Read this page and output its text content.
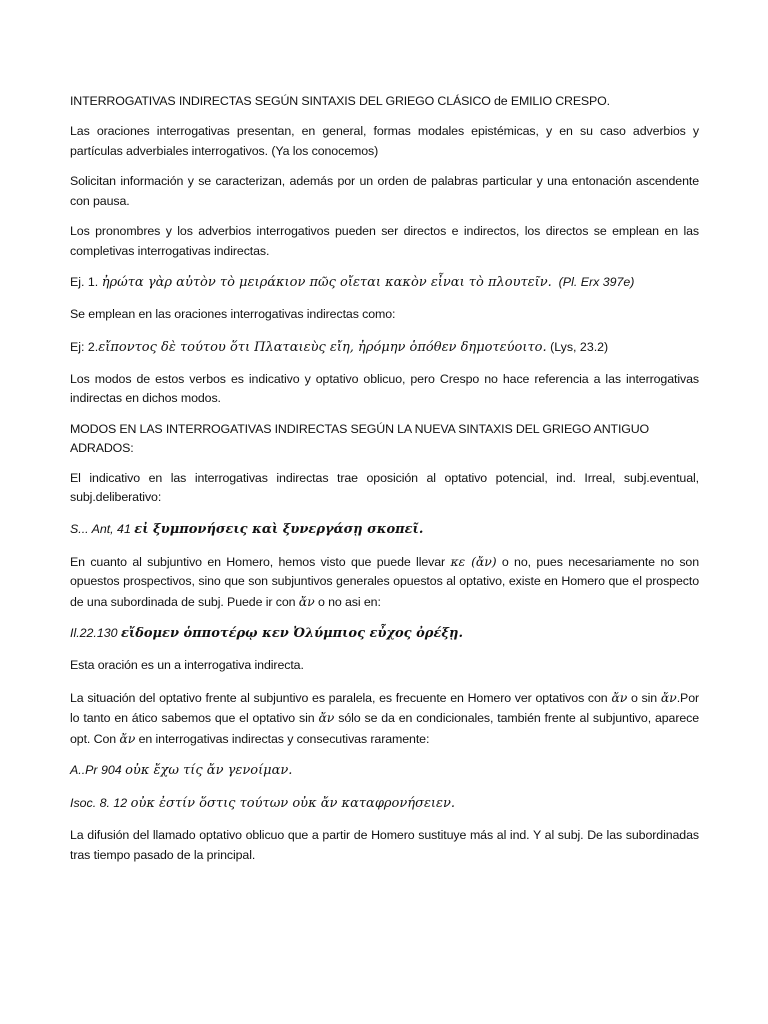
INTERROGATIVAS INDIRECTAS SEGÚN SINTAXIS DEL GRIEGO CLÁSICO de EMILIO CRESPO.

Las oraciones interrogativas presentan, en general, formas modales epistémicas, y en su caso adverbios y partículas adverbiales interrogativos. (Ya los conocemos)

Solicitan información y se caracterizan, además por un orden de palabras particular y una entonación ascendente con pausa.

Los pronombres y los adverbios interrogativos pueden ser directos e indirectos, los directos se emplean en las completivas interrogativas indirectas.

Ej. 1. ἠρώτα γὰρ αὐτὸν τὸ μειράκιον πῶς οἴεται κακὸν εἶναι τὸ πλουτεῖν. (Pl. Erx 397e)

Se emplean en las oraciones interrogativas indirectas como:

Ej: 2.εἴποντος δὲ τούτου ὅτι Πλαταιεὺς εἴη, ἠρόμην ὁπόθεν δημοτεύοιτο. (Lys, 23.2)

Los modos de estos verbos es indicativo y optativo oblicuo, pero Crespo no hace referencia a las interrogativas indirectas en dichos modos.

MODOS EN LAS INTERROGATIVAS INDIRECTAS SEGÚN LA NUEVA SINTAXIS DEL GRIEGO ANTIGUO ADRADOS:

El indicativo en las interrogativas indirectas trae oposición al optativo potencial, ind. Irreal, subj.eventual, subj.deliberativo:

S... Ant, 41 εἰ ξυμπονήσεις καὶ ξυνεργάσῃ σκοπεῖ.

En cuanto al subjuntivo en Homero, hemos visto que puede llevar κε (ἄν) o no, pues necesariamente no son opuestos prospectivos, sino que son subjuntivos generales opuestos al optativo, existe en Homero que el prospecto de una subordinada de subj. Puede ir con ἄν o no asi en:

Il.22.130 εἴδομεν ὁπποτέρῳ κεν Ὀλύμπιος εὖχος ὀρέξῃ.

Esta oración es un a interrogativa indirecta.

La situación del optativo frente al subjuntivo es paralela, es frecuente en Homero ver optativos con ἄν o sin ἄν.Por lo tanto en ático sabemos que el optativo sin ἄν sólo se da en condicionales, también frente al subjuntivo, aparece opt. Con ἄν en interrogativas indirectas y consecutivas raramente:

A..Pr 904 οὐκ ἔχω τίς ἄν γενοίμαν.

Isoc. 8. 12 οὐκ ἐστίν ὅστις τούτων οὐκ ἄν καταφρονήσειεν.

La difusión del llamado optativo oblicuo que a partir de Homero sustituye más al ind. Y al subj. De las subordinadas tras tiempo pasado de la principal.
